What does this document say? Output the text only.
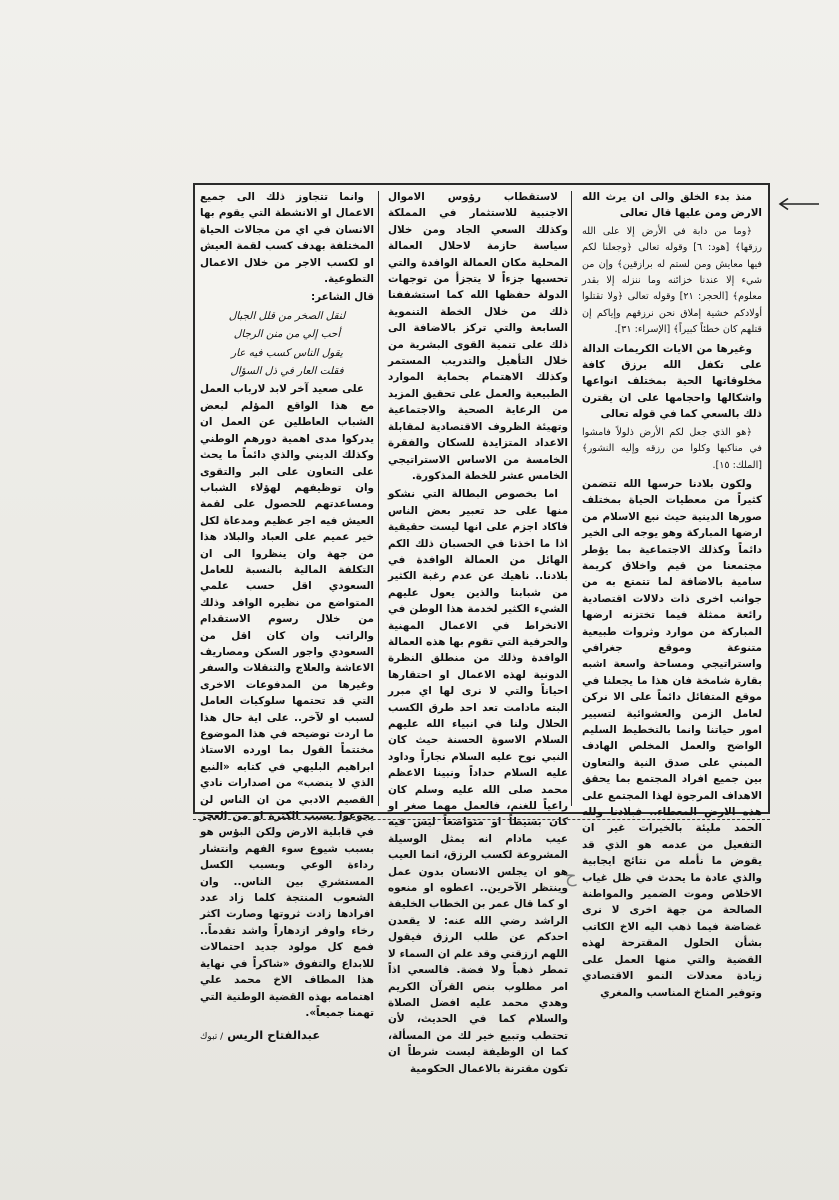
منذ بدء الخلق والى ان يرث الله الارض ومن عليها قال تعالى

﴿وما من دابة في الأرض إلا على الله رزقها﴾ [هود: ٦] وقوله تعالى ﴿وجعلنا لكم فيها معايش ومن لستم له برازقين﴾ وإن من شيء إلا عندنا خزائنه وما ننزله إلا بقدر معلوم﴾ [الحجر: ٢١] وقوله تعالى ﴿ولا تقتلوا أولادكم خشية إملاق نحن نرزقهم وإياكم إن قتلهم كان خطئاً كبيراً﴾ [الإسراء: ٣١].

وغيرها من الايات الكريمات الدالة على تكفل الله برزق كافة مخلوقاتها الحية بمختلف انواعها واشكالها واحجامها على ان يقترن ذلك بالسعي كما في قوله تعالى

﴿هو الذي جعل لكم الأرض ذلولاً فامشوا في مناكبها وكلوا من رزقه وإليه النشور﴾ [الملك: ١٥].

ولكون بلادنا حرسها الله تتضمن كثيراً من معطيات الحياة بمختلف صورها الدينية حيث نبع الاسلام من ارضها المباركة وهو يوجه الى الخير دائماً وكذلك الاجتماعية بما يؤطر مجتمعنا من قيم واخلاق كريمة سامية بالاضافة لما تتمتع به من جوانب اخرى ذات دلالات اقتصادية رائعة ممثلة فيما تختزنه ارضها المباركة من موارد وثروات طبيعية متنوعة وموقع جغرافي واستراتيجي ومساحة واسعة اشبه بقارة شامخة فان هذا ما يجعلنا في موقع المتفائل دائماً على الا نركن لعامل الزمن والعشوائية لتسيير امور حياتنا وانما بالتخطيط السليم الواضح والعمل المخلص الهادف المبني على صدق النية والتعاون بين جميع افراد المجتمع بما يحقق الاهداف المرجوة لهذا المجتمع على هذه الارض المعطاء.. فبلادنا ولله الحمد مليئة بالخيرات غير ان التفعيل من عدمه هو الذي قد يقوض ما نأمله من نتائج ايجابية والذي عادة ما يحدث في ظل غياب الاخلاص وموت الضمير والمواطنة الصالحة من جهة اخرى لا نرى غضاضة فيما ذهب اليه الاخ الكاتب بشأن الحلول المقترحة لهذه القضية والتي منها العمل على زيادة معدلات النمو الاقتصادي وتوفير المناخ المناسب والمغري

لاستقطاب رؤوس الاموال الاجنبية للاستثمار في المملكة وكذلك السعي الجاد ومن خلال سياسة حازمة لاحلال العمالة المحلية مكان العمالة الوافدة والتي تحسبها جزءاً لا يتجزأ من توجهات الدولة حفظها الله كما استشففنا ذلك من خلال الخطة التنموية السابعة والتي تركز بالاضافة الى ذلك على تنمية القوى البشرية من خلال التأهيل والتدريب المستمر وكذلك الاهتمام بحماية الموارد الطبيعية والعمل على تحقيق المزيد من الرعاية الصحية والاجتماعية وتهيئة الظروف الاقتصادية لمقابلة الاعداد المتزايدة للسكان والفقرة الخامسة من الاساس الاستراتيجي الخامس عشر للخطة المذكورة.

اما بخصوص البطالة التي نشكو منها على حد تعبير بعض الناس فاكاد اجزم على انها ليست حقيقية اذا ما اخذنا في الحسبان ذلك الكم الهائل من العمالة الوافدة في بلادنا.. ناهيك عن عدم رغبة الكثير من شبابنا والذين يعول عليهم الشيء الكثير لخدمة هذا الوطن في الانخراط في الاعمال المهنية والحرفية التي تقوم بها هذه العمالة الوافدة وذلك من منطلق النظرة الدونية لهذه الاعمال او احتقارها احياناً والتي لا نرى لها اي مبرر البته مادامت تعد احد طرق الكسب الحلال ولنا في انبياء الله عليهم السلام الاسوة الحسنة حيث كان النبي نوح عليه السلام نجاراً وداود عليه السلام حداداً ونبينا الاعظم محمد صلى الله عليه وسلم كان راعياً للغنم، فالعمل مهما صغر او كان بسيطاً او متواضعاً ليس فيه عيب مادام انه يمثل الوسيلة المشروعة لكسب الرزق، انما العيب هو ان يجلس الانسان بدون عمل وينتظر الآخرين.. اعطوه او منعوه او كما قال عمر بن الخطاب الخليفة الراشد رضي الله عنه: لا يقعدن احدكم عن طلب الرزق فيقول اللهم ارزقني وقد علم ان السماء لا تمطر ذهباً ولا فضة. فالسعي اذاً امر مطلوب بنص القرآن الكريم وهدي محمد عليه افضل الصلاة والسلام كما في الحديث، لأن تحتطب وتبيع خير لك من المسألة، كما ان الوظيفة ليست شرطاً ان تكون مقترنة بالاعمال الحكومية

وانما تتجاوز ذلك الى جميع الاعمال او الانشطة التي يقوم بها الانسان في اي من مجالات الحياة المختلفة بهدف كسب لقمة العيش او لكسب الاجر من خلال الاعمال التطوعية.

قال الشاعر:

لنقل الصخر من قلل الجبال
أحب إلي من منن الرجال
يقول الناس كسب فيه عار
فقلت العار في ذل السؤال

على صعيد آخر لابد لارباب العمل مع هذا الواقع المؤلم لبعض الشباب العاطلين عن العمل ان يدركوا مدى اهمية دورهم الوطني وكذلك الديني والذي دائماً ما يحث على التعاون على البر والتقوى وان توظيفهم لهؤلاء الشباب ومساعدتهم للحصول على لقمة العيش فيه اجر عظيم ومدعاة لكل خير عميم على العباد والبلاد هذا من جهة وان ينظروا الى ان التكلفة المالية بالنسبة للعامل السعودي اقل حسب علمي المتواضع من نظيره الوافد وذلك من خلال رسوم الاستقدام والراتب وان كان اقل من السعودي واجور السكن ومصاريف الاعاشة والعلاج والتنقلات والسفر وغيرها من المدفوعات الاخرى التي قد تحتمها سلوكيات العامل لسبب او لآخر.. على اية حال هذا ما اردت توضيحه في هذا الموضوع مختتماً القول بما اورده الاستاذ ابراهيم البليهي في كتابه «النبع الذي لا ينضب» من اصدارات نادي القصيم الادبي من ان الناس لن يجوعوا بسبب الكثرة او من العجز في قابلية الارض ولكن البؤس هو بسبب شيوع سوء الفهم وانتشار رداءة الوعي وبسبب الكسل المستشري بين الناس.. وان الشعوب المنتجة كلما زاد عدد افرادها زادت ثروتها وصارت اكثر رخاء واوفر ازدهاراً واشد تقدماً.. فمع كل مولود جديد احتمالات للابداع والتفوق «شاكراً في نهاية هذا المطاف الاخ محمد علي اهتمامه بهذه القضية الوطنية التي تهمنا جميعاً».

عبدالفتاح الريس / تبوك
ح
